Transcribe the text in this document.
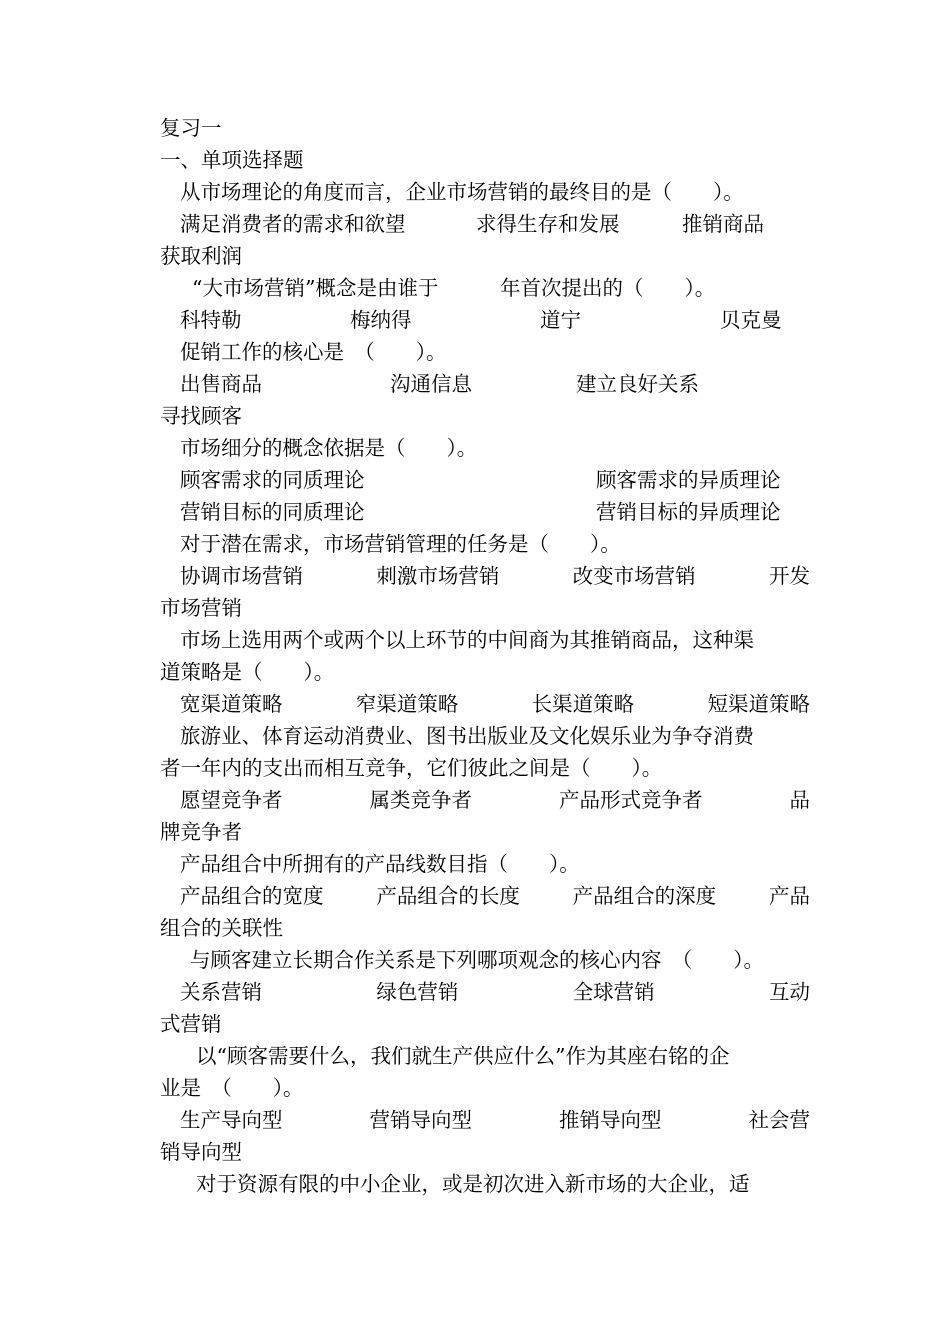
复习一
一、单项选择题
从市场理论的角度而言，企业市场营销的最终目的是（　　）。
满足消费者的需求和欲望	求得生存和发展	推销商品
获取利润
“大市场营销”概念是由谁于　　　年首次提出的（　　）。
科特勒	梅纳得	道宁	贝克曼
促销工作的核心是　（　　）。
出售商品	沟通信息	建立良好关系
寻找顾客
市场细分的概念依据是（　　）。
顾客需求的同质理论	顾客需求的异质理论
营销目标的同质理论	营销目标的异质理论
对于潜在需求，市场营销管理的任务是（　　）。
协调市场营销	刺激市场营销	改变市场营销	开发
市场营销
市场上选用两个或两个以上环节的中间商为其推销商品，这种渠
道策略是（　　）。
宽渠道策略	窄渠道策略	长渠道策略	短渠道策略
旅游业、体育运动消费业、图书出版业及文化娱乐业为争夺消费
者一年内的支出而相互竞争，它们彼此之间是（　　）。
愿望竞争者	属类竞争者	产品形式竞争者	品
牌竞争者
产品组合中所拥有的产品线数目指（　　）。
产品组合的宽度	产品组合的长度	产品组合的深度	产品
组合的关联性
与顾客建立长期合作关系是下列哪项观念的核心内容　（　　）。
关系营销	绿色营销	全球营销	互动
式营销
以“顾客需要什么，我们就生产供应什么”作为其座右铭的企
业是　（　　）。
生产导向型	营销导向型	推销导向型	社会营
销导向型
对于资源有限的中小企业，或是初次进入新市场的大企业，适
